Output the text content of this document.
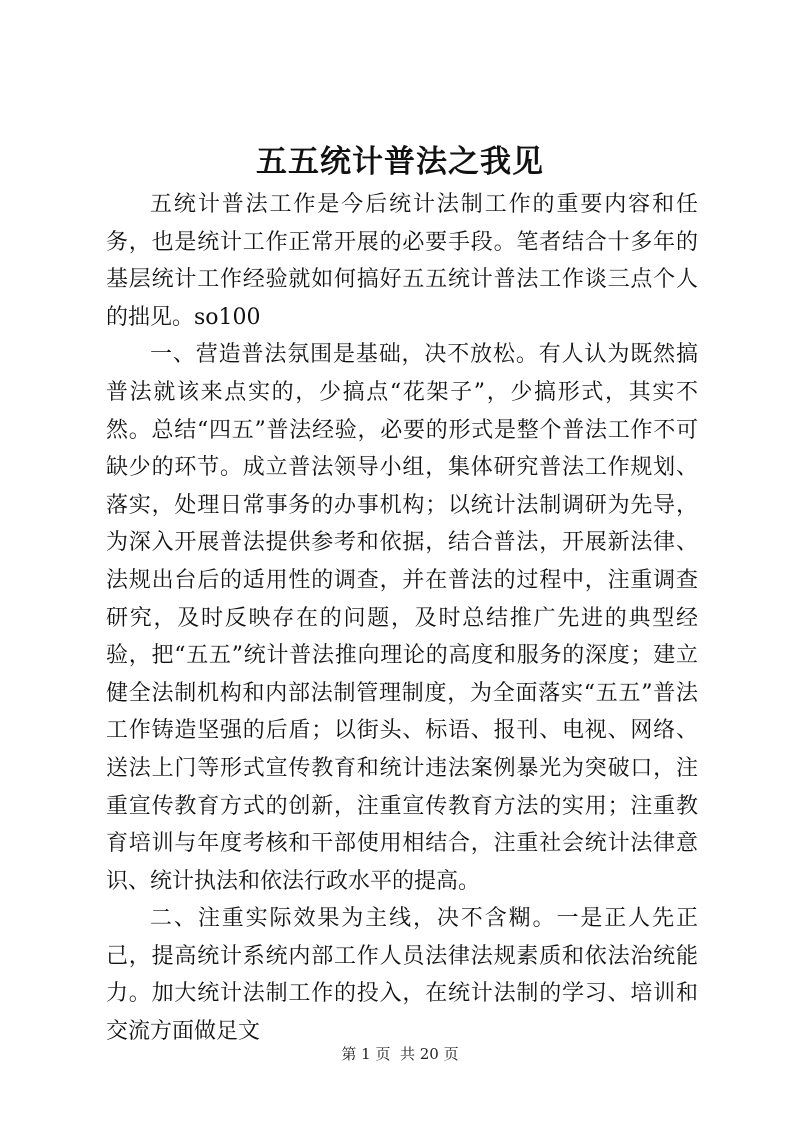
五五统计普法之我见

五统计普法工作是今后统计法制工作的重要内容和任务，也是统计工作正常开展的必要手段。笔者结合十多年的基层统计工作经验就如何搞好五五统计普法工作谈三点个人的拙见。so100

一、营造普法氛围是基础，决不放松。有人认为既然搞普法就该来点实的，少搞点“花架子”，少搞形式，其实不然。总结“四五”普法经验，必要的形式是整个普法工作不可缺少的环节。成立普法领导小组，集体研究普法工作规划、落实，处理日常事务的办事机构；以统计法制调研为先导，为深入开展普法提供参考和依据，结合普法，开展新法律、法规出台后的适用性的调查，并在普法的过程中，注重调查研究，及时反映存在的问题，及时总结推广先进的典型经验，把“五五”统计普法推向理论的高度和服务的深度；建立健全法制机构和内部法制管理制度，为全面落实“五五”普法工作铸造坚强的后盾；以街头、标语、报刊、电视、网络、送法上门等形式宣传教育和统计违法案例暴光为突破口，注重宣传教育方式的创新，注重宣传教育方法的实用；注重教育培训与年度考核和干部使用相结合，注重社会统计法律意识、统计执法和依法行政水平的提高。

二、注重实际效果为主线，决不含糊。一是正人先正己，提高统计系统内部工作人员法律法规素质和依法治统能力。加大统计法制工作的投入，在统计法制的学习、培训和交流方面做足文

第 1 页  共 20 页
